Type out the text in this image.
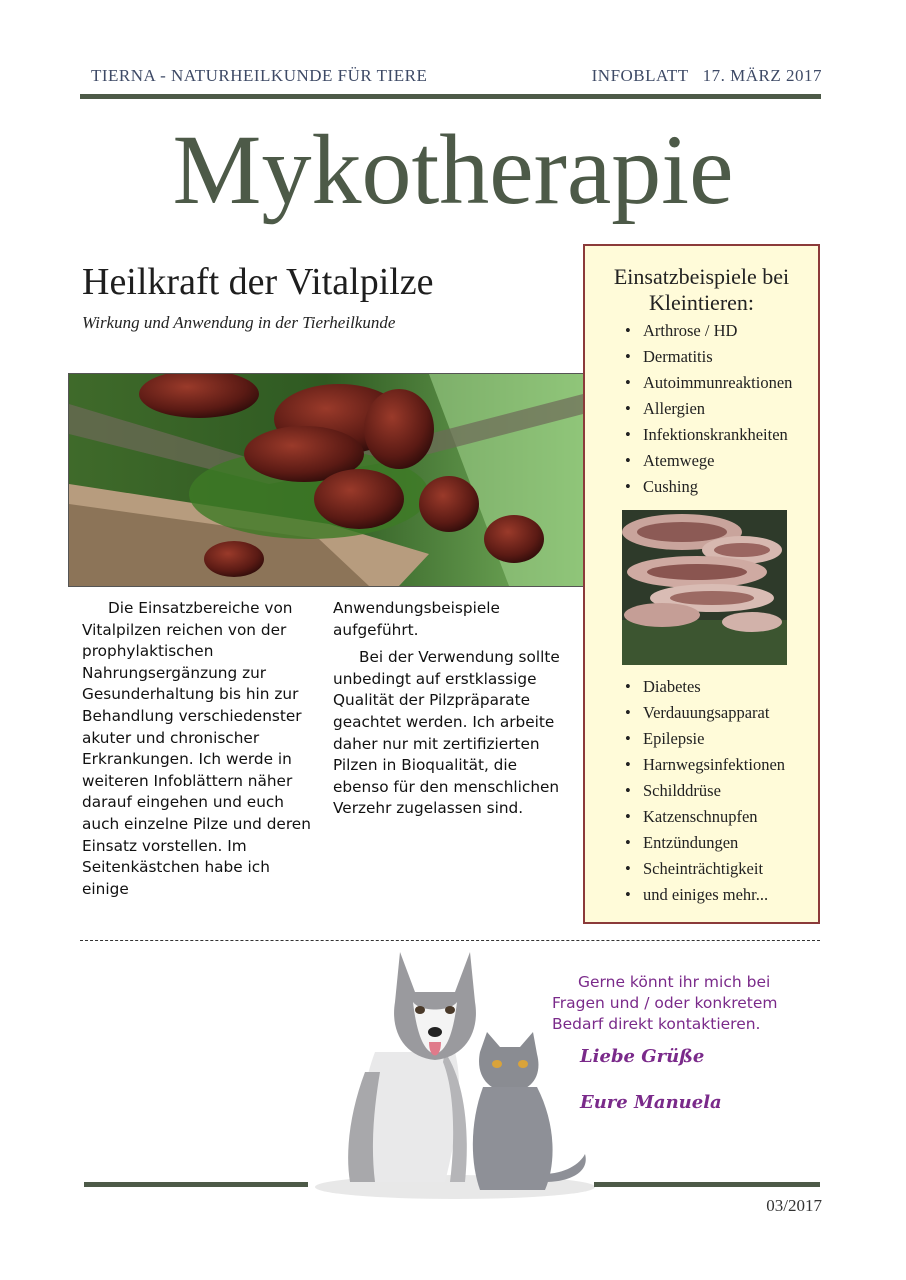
TIERNA - NATURHEILKUNDE FÜR TIERE	INFOBLATT   17. MÄRZ 2017
Mykotherapie
Heilkraft der Vitalpilze
Wirkung und Anwendung in der Tierheilkunde

Die Einsatzbereiche von Vitalpilzen reichen von der prophylaktischen Nahrungsergänzung zur Gesunderhaltung bis hin zur Behandlung verschiedenster akuter und chronischer Erkrankungen. Ich werde in weiteren Infoblättern näher darauf eingehen und euch auch einzelne Pilze und deren Einsatz vorstellen. Im Seitenkästchen habe ich einige

Anwendungsbeispiele aufgeführt.

Bei der Verwendung sollte unbedingt auf erstklassige Qualität der Pilzpräparate geachtet werden. Ich arbeite daher nur mit zertifizierten Pilzen in Bioqualität, die ebenso für den menschlichen Verzehr zugelassen sind.

Einsatzbeispiele bei Kleintieren:
• Arthrose / HD
• Dermatitis
• Autoimmunreaktionen
• Allergien
• Infektionskrankheiten
• Atemwege
• Cushing
• Diabetes
• Verdauungsapparat
• Epilepsie
• Harnwegsinfektionen
• Schilddrüse
• Katzenschnupfen
• Entzündungen
• Scheinträchtigkeit
• und einiges mehr...
Gerne könnt ihr mich bei Fragen und / oder konkretem Bedarf direkt kontaktieren.
Liebe Grüße
Eure Manuela
03/2017
